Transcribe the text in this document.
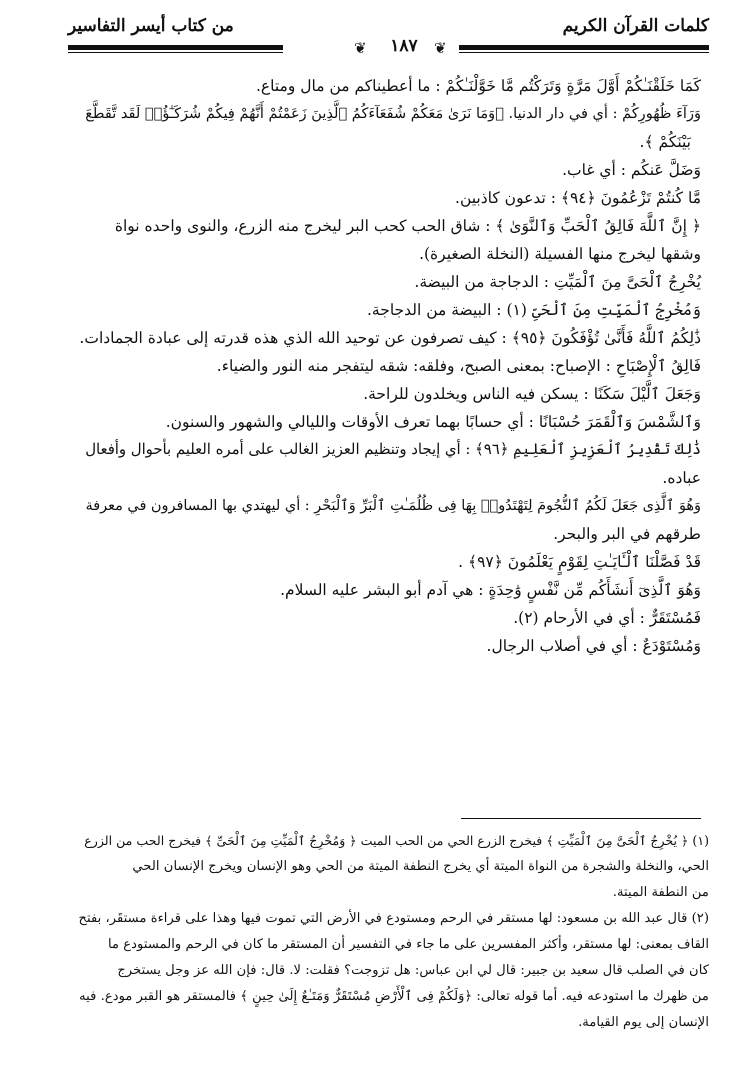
كلمات القرآن الكريم
من كتاب أيسر التفاسير
❦	١٨٧	❦
كَمَا خَلَقْنَـٰكُمْ أَوَّلَ مَرَّةٍ وَتَرَكْتُم مَّا خَوَّلْنَـٰكُمْ : ما أعطيناكم من مال ومتاع.
وَرَآءَ ظُهُورِكُمْ : أي في دار الدنيا. ﴿وَمَا نَرَىٰ مَعَكُمْ شُفَعَآءَكُمُ ٱلَّذِينَ زَعَمْتُمْ أَنَّهُمْ فِيكُمْ شُرَكَـٰٓؤُا۟ لَقَد تَّقَطَّعَ
بَيْنَكُمْ ﴾.
وَضَلَّ عَنكُم : أي غاب.
مَّا كُنتُمْ تَزْعُمُونَ ﴿٩٤﴾ : تدعون كاذبين.
﴿ إِنَّ ٱللَّهَ فَالِقُ ٱلْحَبِّ وَٱلنَّوَىٰ ﴾ : شاق الحب كحب البر ليخرج منه الزرع، والنوى واحده نواة
وشقها ليخرج منها الفسيلة (النخلة الصغيرة).
يُخْرِجُ ٱلْحَىَّ مِنَ ٱلْمَيِّتِ : الدجاجة من البيضة.
وَمُخْرِجُ ٱلْمَيِّتِ مِنَ ٱلْحَىِّ (١) : البيضة من الدجاجة.
ذَٰلِكُمُ ٱللَّهُ فَأَنَّىٰ تُؤْفَكُونَ ﴿٩٥﴾ : كيف تصرفون عن توحيد الله الذي هذه قدرته إلى عبادة الجمادات.
فَالِقُ ٱلْإِصْبَاحِ : الإصباح: بمعنى الصبح، وفلقه: شقه ليتفجر منه النور والضياء.
وَجَعَلَ ٱلَّيْلَ سَكَنًا : يسكن فيه الناس ويخلدون للراحة.
وَٱلشَّمْسَ وَٱلْقَمَرَ حُسْبَانًا : أي حسابًا بهما تعرف الأوقات والليالي والشهور والسنون.
ذَٰلِكَ تَقْدِيرُ ٱلْعَزِيزِ ٱلْعَلِيمِ ﴿٩٦﴾ : أي إيجاد وتنظيم العزيز الغالب على أمره العليم بأحوال وأفعال
عباده.
وَهُوَ ٱلَّذِى جَعَلَ لَكُمُ ٱلنُّجُومَ لِتَهْتَدُوا۟ بِهَا فِى ظُلُمَـٰتِ ٱلْبَرِّ وَٱلْبَحْرِ : أي ليهتدي بها المسافرون في معرفة
طرقهم في البر والبحر.
قَدْ فَصَّلْنَا ٱلْـَٔايَـٰتِ لِقَوْمٍ يَعْلَمُونَ ﴿٩٧﴾ .
وَهُوَ ٱلَّذِىٓ أَنشَأَكُم مِّن نَّفْسٍ وَٰحِدَةٍ : هي آدم أبو البشر عليه السلام.
فَمُسْتَقَرٌّ : أي في الأرحام (٢).
وَمُسْتَوْدَعٌ : أي في أصلاب الرجال.
(١) ﴿ يُخْرِجُ ٱلْحَىَّ مِنَ ٱلْمَيِّتِ ﴾ فيخرج الزرع الحي من الحب الميت ﴿ وَمُخْرِجُ ٱلْمَيِّتِ مِنَ ٱلْحَىِّ ﴾ فيخرج الحب من الزرع
الحي، والنخلة والشجرة من النواة الميتة أي يخرج النطفة الميتة من الحي وهو الإنسان ويخرج الإنسان الحي
من النطفة الميتة.
(٢) قال عبد الله بن مسعود: لها مستقر في الرحم ومستودع في الأرض التي تموت فيها وهذا على قراءة مستقَر، بفتح
القاف بمعنى: لها مستقر، وأكثر المفسرين على ما جاء في التفسير أن المستقر ما كان في الرحم والمستودع ما
كان في الصلب قال سعيد بن جبير: قال لي ابن عباس: هل تزوجت؟ فقلت: لا. قال: فإن الله عز وجل يستخرج
من ظهرك ما استودعه فيه. أما قوله تعالى: ﴿وَلَكُمْ فِى ٱلْأَرْضِ مُسْتَقَرٌّ وَمَتَـٰعٌ إِلَىٰ حِينٍ ﴾ فالمستقر هو القبر مودع. فيه
الإنسان إلى يوم القيامة.
